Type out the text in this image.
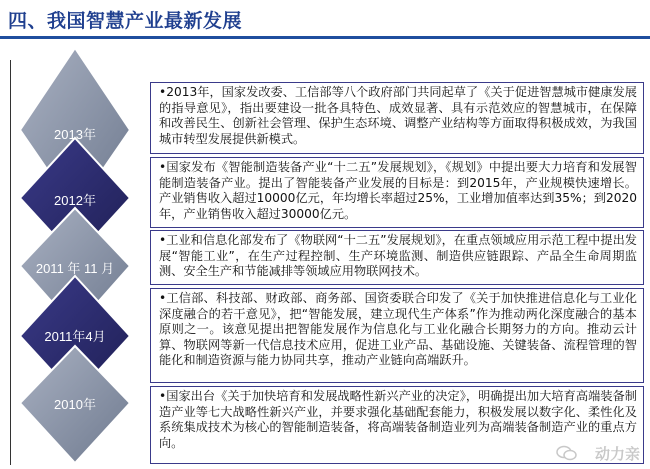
四、我国智慧产业最新发展
2013年
2012年
2011 年 11 月
2011年4月
2010年

•2013年，国家发改委、工信部等八个政府部门共同起草了《关于促进智慧城市健康发展的指导意见》，指出要建设一批各具特色、成效显著、具有示范效应的智慧城市，在保障和改善民生、创新社会管理、保护生态环境、调整产业结构等方面取得积极成效，为我国城市转型发展提供新模式。

•国家发布《智能制造装备产业“十二五”发展规划》，《规划》中提出要大力培育和发展智能制造装备产业。提出了智能装备产业发展的目标是：到2015年，产业规模快速增长。产业销售收入超过10000亿元，年均增长率超过25%，工业增加值率达到35%；到2020年，产业销售收入超过30000亿元。

•工业和信息化部发布了《物联网“十二五”发展规划》，在重点领域应用示范工程中提出发展“智能工业”，在生产过程控制、生产环境监测、制造供应链跟踪、产品全生命周期监测、安全生产和节能减排等领域应用物联网技术。

•工信部、科技部、财政部、商务部、国资委联合印发了《关于加快推进信息化与工业化深度融合的若干意见》，把“智能发展，建立现代生产体系”作为推动两化深度融合的基本原则之一。该意见提出把智能发展作为信息化与工业化融合长期努力的方向。推动云计算、物联网等新一代信息技术应用，促进工业产品、基础设施、关键装备、流程管理的智能化和制造资源与能力协同共享，推动产业链向高端跃升。

•国家出台《关于加快培育和发展战略性新兴产业的决定》，明确提出加大培育高端装备制造产业等七大战略性新兴产业，并要求强化基础配套能力，积极发展以数字化、柔性化及系统集成技术为核心的智能制造装备，将高端装备制造业列为高端装备制造产业的重点方向。

动力亲
